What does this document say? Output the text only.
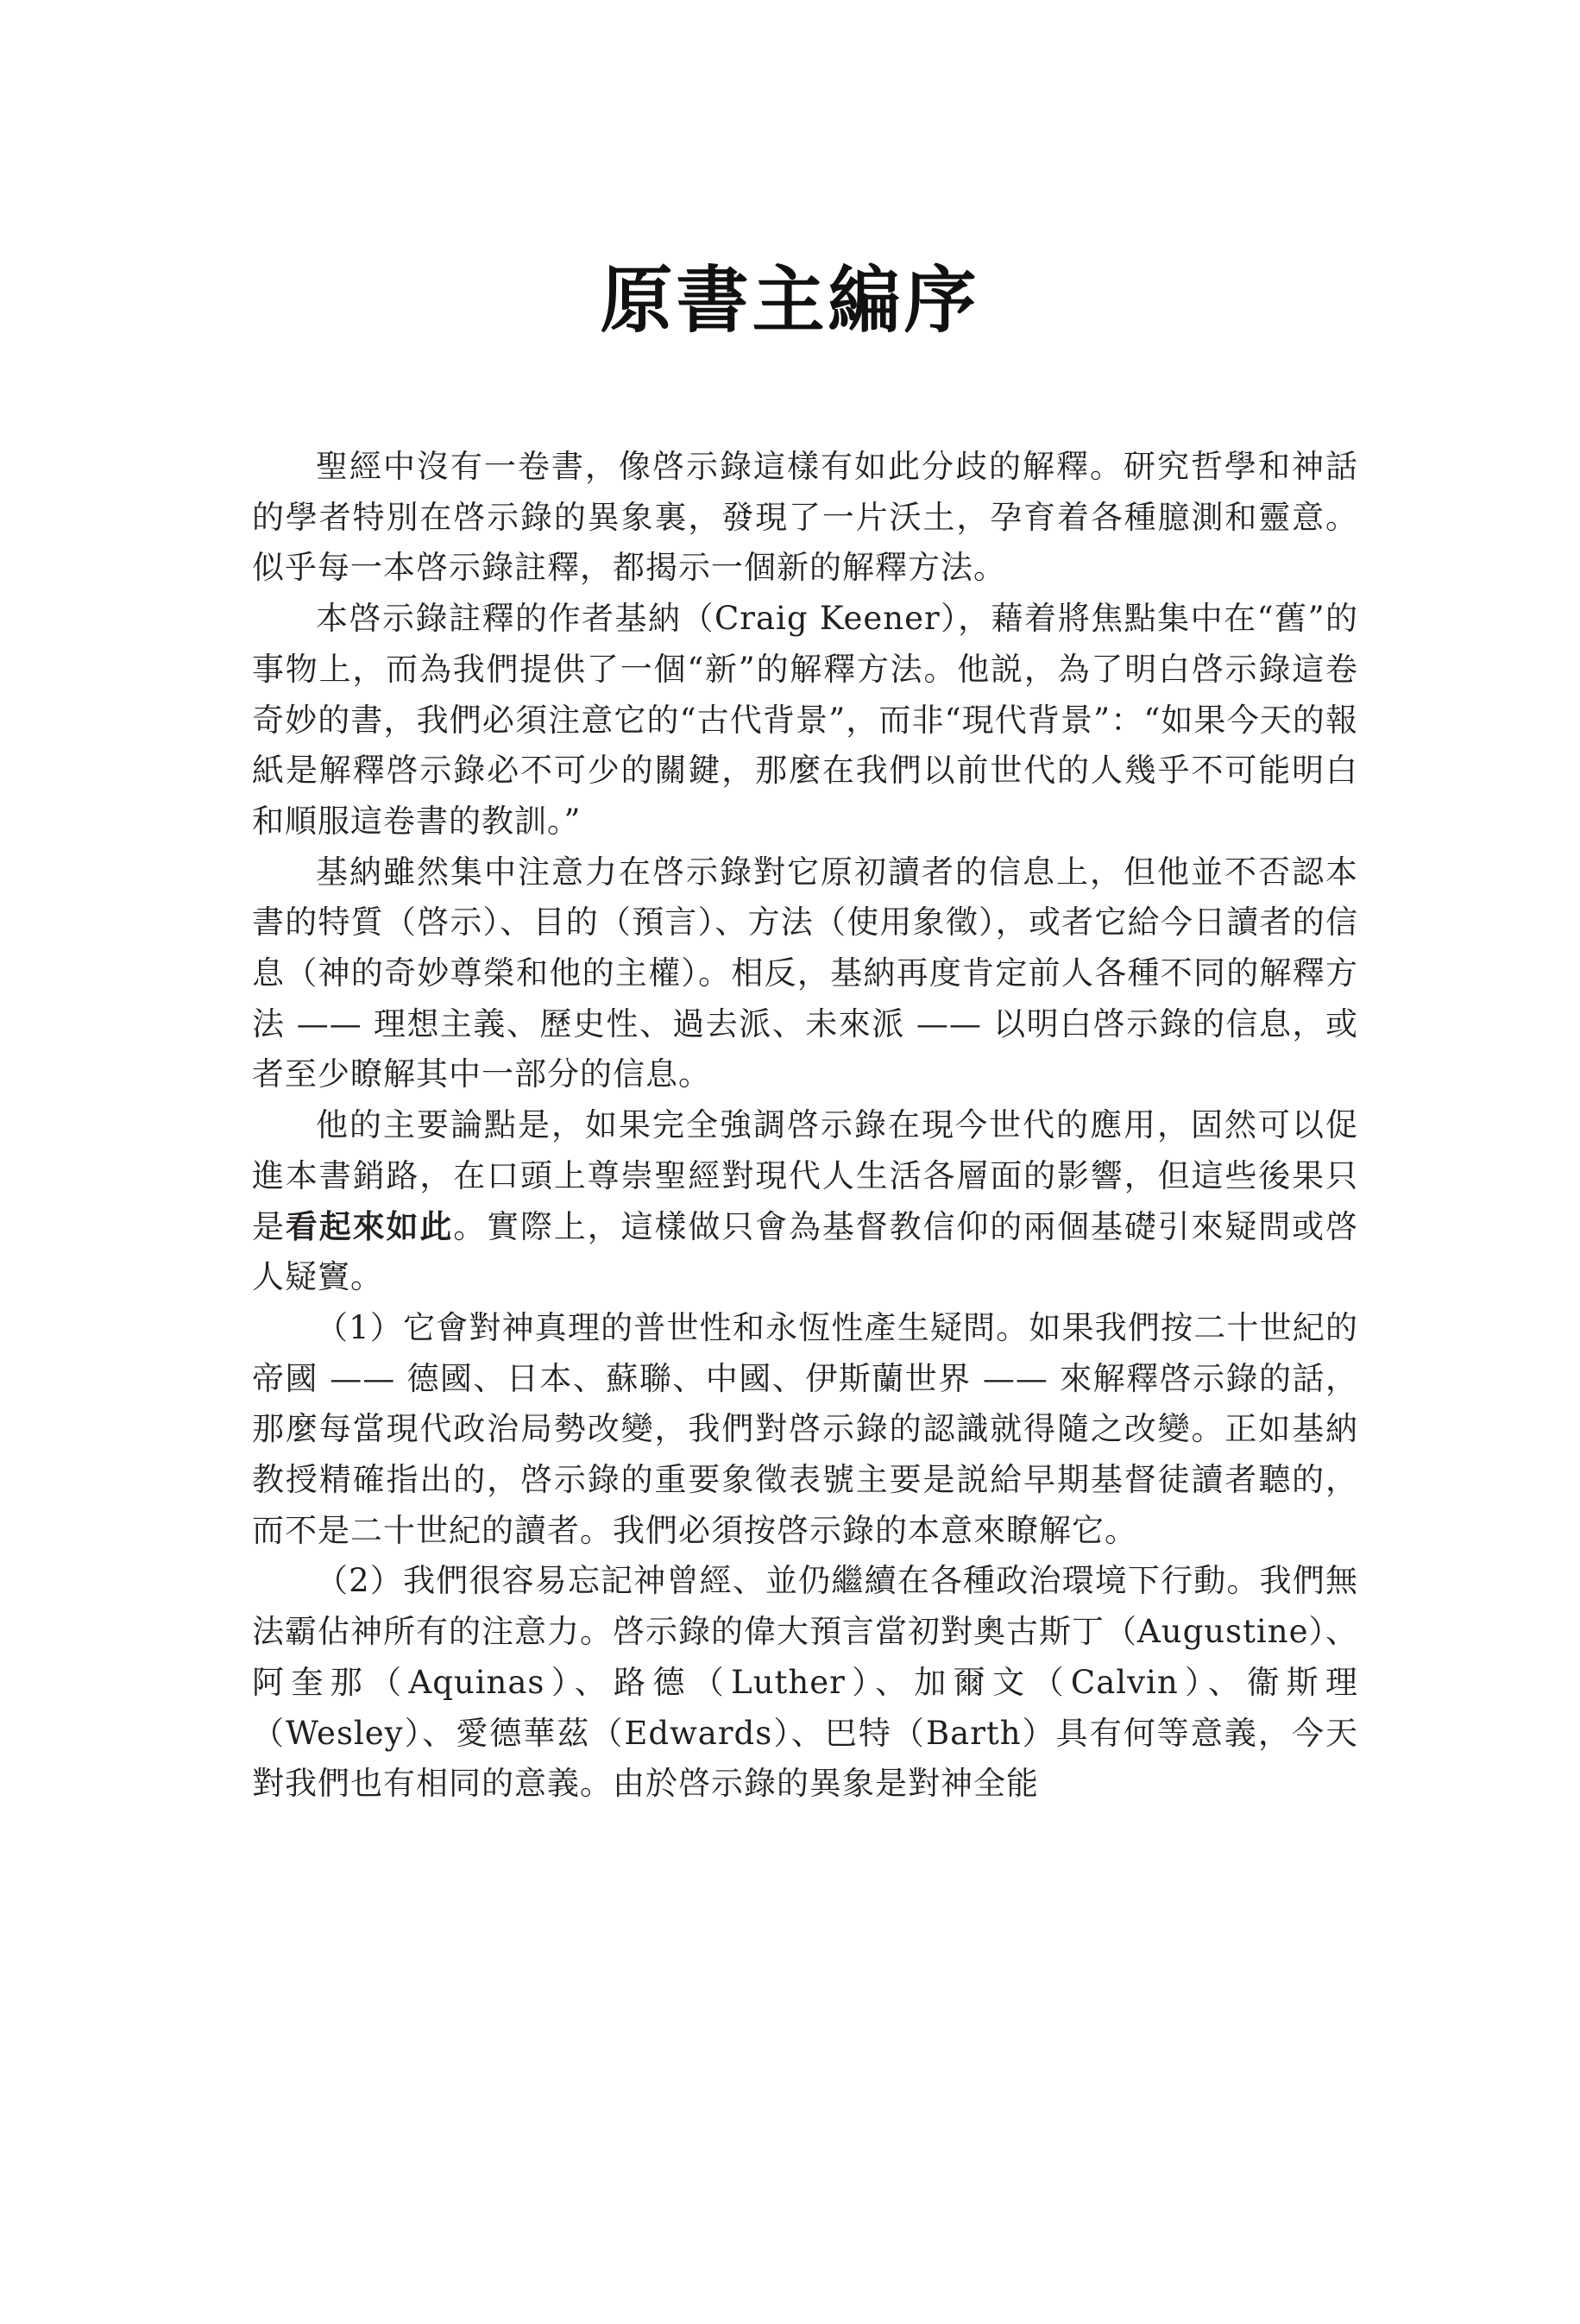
原書主編序

聖經中沒有一卷書，像啓示錄這樣有如此分歧的解釋。研究哲學和神話的學者特別在啓示錄的異象裏，發現了一片沃土，孕育着各種臆測和靈意。似乎每一本啓示錄註釋，都揭示一個新的解釋方法。

本啓示錄註釋的作者基納（Craig Keener），藉着將焦點集中在“舊”的事物上，而為我們提供了一個“新”的解釋方法。他説，為了明白啓示錄這卷奇妙的書，我們必須注意它的“古代背景”，而非“現代背景”：“如果今天的報紙是解釋啓示錄必不可少的關鍵，那麼在我們以前世代的人幾乎不可能明白和順服這卷書的教訓。”

基納雖然集中注意力在啓示錄對它原初讀者的信息上，但他並不否認本書的特質（啓示）、目的（預言）、方法（使用象徵），或者它給今日讀者的信息（神的奇妙尊榮和他的主權）。相反，基納再度肯定前人各種不同的解釋方法 —— 理想主義、歷史性、過去派、未來派 —— 以明白啓示錄的信息，或者至少瞭解其中一部分的信息。

他的主要論點是，如果完全強調啓示錄在現今世代的應用，固然可以促進本書銷路，在口頭上尊崇聖經對現代人生活各層面的影響，但這些後果只是看起來如此。實際上，這樣做只會為基督教信仰的兩個基礎引來疑問或啓人疑竇。

（1）它會對神真理的普世性和永恆性產生疑問。如果我們按二十世紀的帝國 —— 德國、日本、蘇聯、中國、伊斯蘭世界 —— 來解釋啓示錄的話，那麼每當現代政治局勢改變，我們對啓示錄的認識就得隨之改變。正如基納教授精確指出的，啓示錄的重要象徵表號主要是説給早期基督徒讀者聽的，而不是二十世紀的讀者。我們必須按啓示錄的本意來瞭解它。

（2）我們很容易忘記神曾經、並仍繼續在各種政治環境下行動。我們無法霸佔神所有的注意力。啓示錄的偉大預言當初對奧古斯丁（Augustine）、阿奎那（Aquinas）、路德（Luther）、加爾文（Calvin）、衞斯理（Wesley）、愛德華茲（Edwards）、巴特（Barth）具有何等意義，今天對我們也有相同的意義。由於啓示錄的異象是對神全能
